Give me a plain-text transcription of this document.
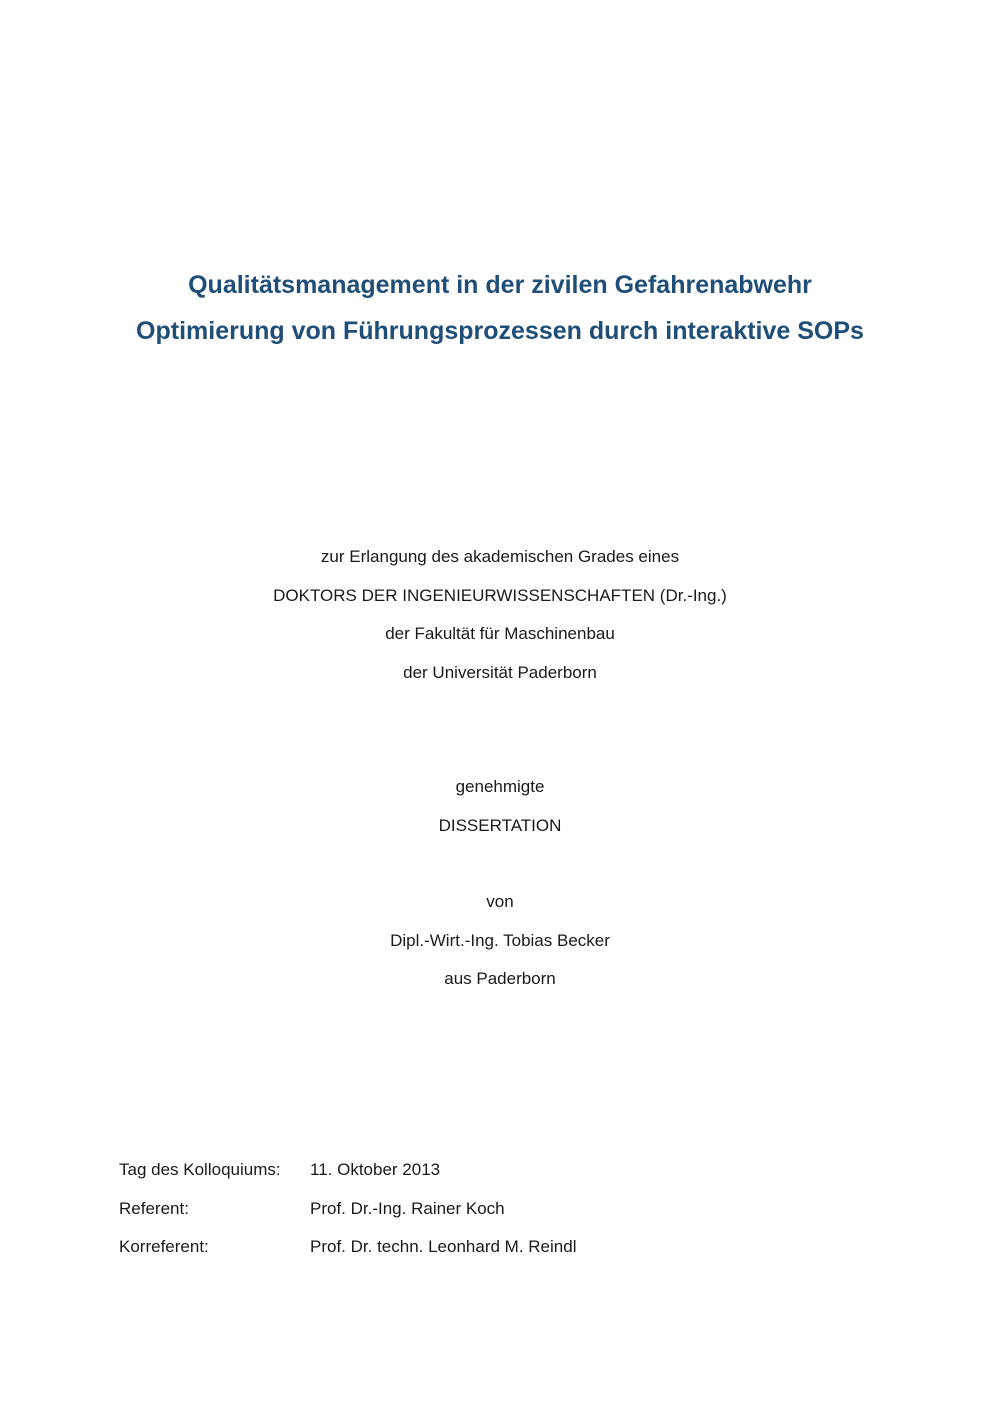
Qualitätsmanagement in der zivilen Gefahrenabwehr

Optimierung von Führungsprozessen durch interaktive SOPs

zur Erlangung des akademischen Grades eines

DOKTORS DER INGENIEURWISSENSCHAFTEN (Dr.-Ing.)

der Fakultät für Maschinenbau

der Universität Paderborn

genehmigte

DISSERTATION

von

Dipl.-Wirt.-Ing. Tobias Becker

aus Paderborn

Tag des Kolloquiums:	11. Oktober 2013
Referent:	Prof. Dr.-Ing. Rainer Koch
Korreferent:	Prof. Dr. techn. Leonhard M. Reindl
